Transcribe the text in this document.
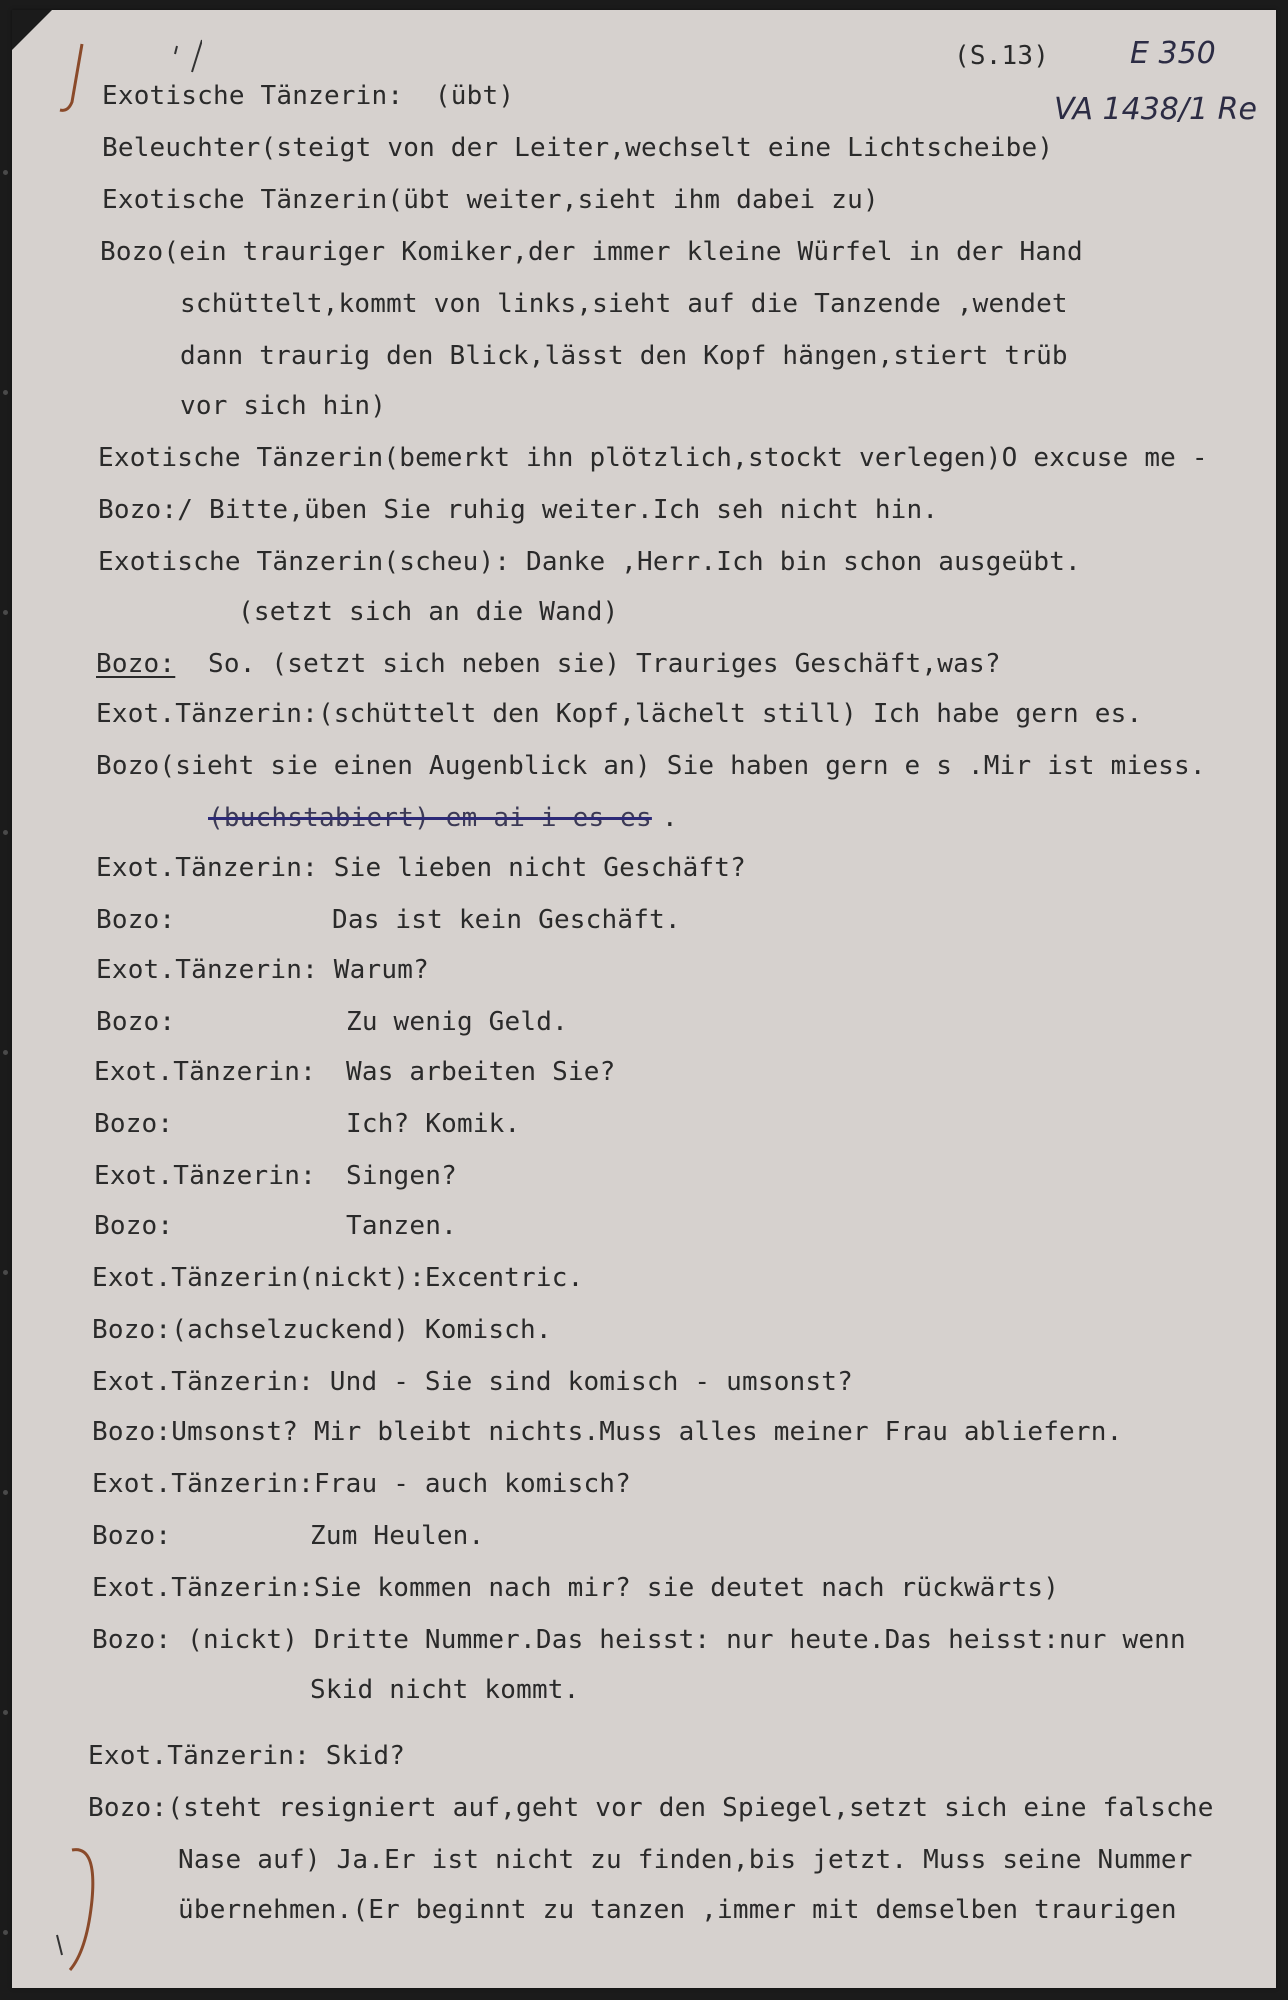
(S.13)	E 350
VA 1438/1 Re
Exotische Tänzerin:  (übt)
Beleuchter(steigt von der Leiter,wechselt eine Lichtscheibe)
Exotische Tänzerin(übt weiter,sieht ihm dabei zu)
Bozo(ein trauriger Komiker,der immer kleine Würfel in der Hand
schüttelt,kommt von links,sieht auf die Tanzende ,wendet
dann traurig den Blick,lässt den Kopf hängen,stiert trüb
vor sich hin)
Exotische Tänzerin(bemerkt ihn plötzlich,stockt verlegen)O excuse me -
Bozo:/ Bitte,üben Sie ruhig weiter.Ich seh nicht hin.
Exotische Tänzerin(scheu): Danke ,Herr.Ich bin schon ausgeübt.
(setzt sich an die Wand)
Bozo: So. (setzt sich neben sie) Trauriges Geschäft,was?
Exot.Tänzerin:(schüttelt den Kopf,lächelt still) Ich habe gern es.
Bozo(sieht sie einen Augenblick an) Sie haben gern e s .Mir ist miess.
(buchstabiert) em ai i es es .
Exot.Tänzerin: Sie lieben nicht Geschäft?
Bozo:	Das ist kein Geschäft.
Exot.Tänzerin: Warum?
Bozo:	Zu wenig Geld.
Exot.Tänzerin: Was arbeiten Sie?
Bozo:	Ich? Komik.
Exot.Tänzerin: Singen?
Bozo:	Tanzen.
Exot.Tänzerin(nickt):Excentric.
Bozo:(achselzuckend) Komisch.
Exot.Tänzerin: Und - Sie sind komisch - umsonst?
Bozo:Umsonst? Mir bleibt nichts.Muss alles meiner Frau abliefern.
Exot.Tänzerin:Frau - auch komisch?
Bozo:	Zum Heulen.
Exot.Tänzerin:Sie kommen nach mir? sie deutet nach rückwärts)
Bozo: (nickt) Dritte Nummer.Das heisst: nur heute.Das heisst:nur wenn
Skid nicht kommt.
Exot.Tänzerin: Skid?
Bozo:(steht resigniert auf,geht vor den Spiegel,setzt sich eine falsche
Nase auf) Ja.Er ist nicht zu finden,bis jetzt. Muss seine Nummer
übernehmen.(Er beginnt zu tanzen ,immer mit demselben traurigen
